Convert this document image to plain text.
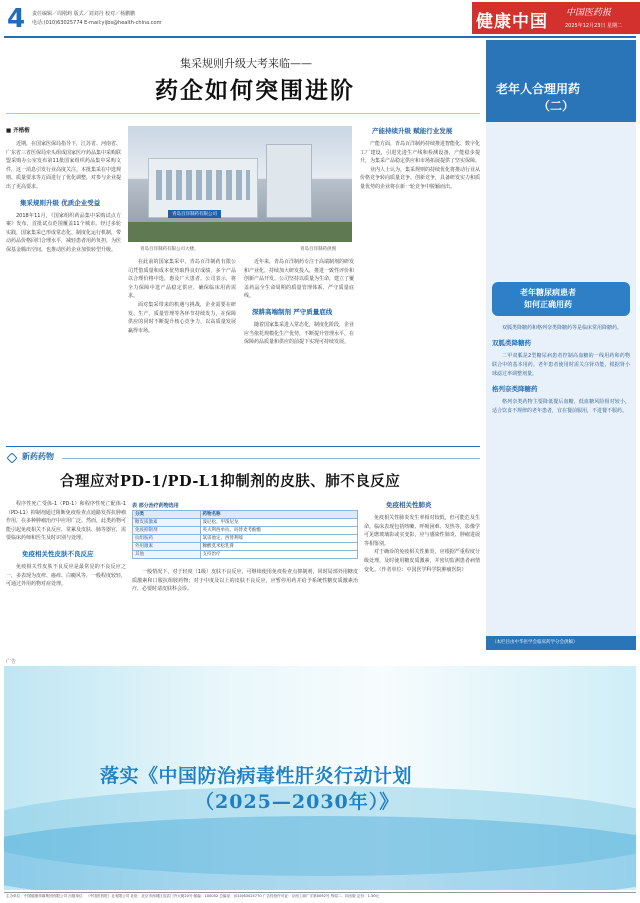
4 责任编辑／周刚莉 版式／刘刘丹 校对／杨鹏鹏
电话:(010)63025774 E-mail:yijbs@health-china.com	健康中国 中国医药报
2025年12月23日 星期二
集采规则升级大考来临——
药企如何突围进阶
■ 齐楷楷

近期，在国家医保局指导下，江苏省、河南省、广东省三省医保局牵头组成国家医疗药品集中采购联盟采购办公室发布第11批国家组织药品集中采购文件，这一消息引发行业高度关注。本批集采在中选规则、质量要求等方面进行了优化调整，对参与企业提出了更高要求。

集采规则升级 优质企业受益

2018年11月，《国家组织药品集中采购试点方案》发布，首批试点范围覆盖11个城市。经过多轮实践，国家集采已形成常态化、制度化运行机制，带动药品价格回归合理水平，减轻患者用药负担，为医保基金腾出空间，也推动医药企业加快转型升级。

青岛百洋制药有限公司
青岛百洋制药有限公司大楼。	青岛百洋制药供图

在此前的国家集采中，青岛百洋制药有限公司凭借质量和成本优势取得良好成绩，多个产品以合理价格中选，惠及广大患者。公司表示，将全力保障中选产品稳定供应，确保临床用药需求。

面对集采带来的机遇与挑战，企业需要在研发、生产、质量管理等各环节持续发力，在保障供应的同时不断提升核心竞争力，以高质量发展赢得市场。

近年来，青岛百洋制药专注于高端制剂的研发和产业化，持续加大研发投入，推进一致性评价和创新产品开发。公司坚持以质量为生命，建立了覆盖药品全生命周期的质量管理体系，严守质量底线。

深耕高端制剂 严守质量底线

随着国家集采进入常态化，制度化阶段，企业应当依托规模化生产优势，不断提升管理水平，在保障药品质量和供应的前提下实现可持续发展。

产能持续升级 赋能行业发展

产能方面，青岛百洋制药持续推进智能化、数字化工厂建设，引进先进生产线和检测设备，产能稳步提升，为集采产品稳定供应和市场拓展提供了坚实保障。

业内人士认为，集采规则的持续优化将推动行业从价格竞争转向质量竞争、创新竞争，具备研发实力和质量优势的企业将在新一轮竞争中脱颖而出。

老年人合理用药
（二）
老年糖尿病患者
如何正确用药

双胍类降糖药和格列奈类降糖药等是临床常用降糖药。

双胍类降糖药

二甲双胍是2型糖尿病患者控制高血糖的一线用药和药物联合中的基本用药。老年患者使用时需关注肾功能，根据肾小球滤过率调整剂量。

格列奈类降糖药

格列奈类药物主要降低餐后血糖，低血糖风险相对较小，适合饮食不规律的老年患者，宜在餐前服用，不进餐不服药。

（本栏目由中华医学会临床药学分会供稿）
新药药物
合理应对PD-1/PD-L1抑制剂的皮肤、肺不良反应

程序性死亡受体-1（PD-1）和程序性死亡配体-1（PD-L1）抑制剂通过阻断免疫检查点通路发挥抗肿瘤作用，在多种肿瘤治疗中应用广泛。然而，此类药物可能引起免疫相关不良反应，常累及皮肤、肺等器官，需要临床药师和医生及时识别与处理。

免疫相关性皮肤不良反应

免疫相关性皮肤不良反应是最常见的不良反应之一，多表现为皮疹、瘙痒、白癜风等，一般程度较轻，可通过外用药物对症处理。

表 部分治疗药物选用
分类	药物名称
糖皮质激素	泼尼松、甲泼尼龙
免疫抑制剂	英夫利西单抗、吗替麦考酚酯
抗组胺药	氯雷他定、西替利嗪
外用激素	糠酸莫米松乳膏
其他	支持治疗

一般情况下，对于轻度（1级）皮肤不良反应，可继续使用免疫检查点抑制剂，同时局部外用糖皮质激素和口服抗组胺药物；对于中度及以上的皮肤不良反应，应暂停用药并给予系统性糖皮质激素治疗，必要时请皮肤科会诊。

免疫相关性肺炎

免疫相关性肺炎发生率相对较低，但可能危及生命。临床表现包括咳嗽、呼吸困难、发热等，影像学可见磨玻璃影或实变影，应与感染性肺炎、肿瘤进展等相鉴别。

对于确诊的免疫相关性肺炎，应根据严重程度分级处理，及时使用糖皮质激素，并密切监测患者病情变化。（作者单位：中国医学科学院肿瘤医院）

广告
落实《中国防治病毒性肝炎行动计划
（2025—2030年）》
主办单位：中国健康传媒集团有限公司 出版单位：《中国医药报》社有限公司 社址：北京市西城区宣武门外大街20号 邮编：100052 总编室：(010)63025770 广告经营许可证：京西工商广字第0092号 每周二、四出版 定价：1.50元
